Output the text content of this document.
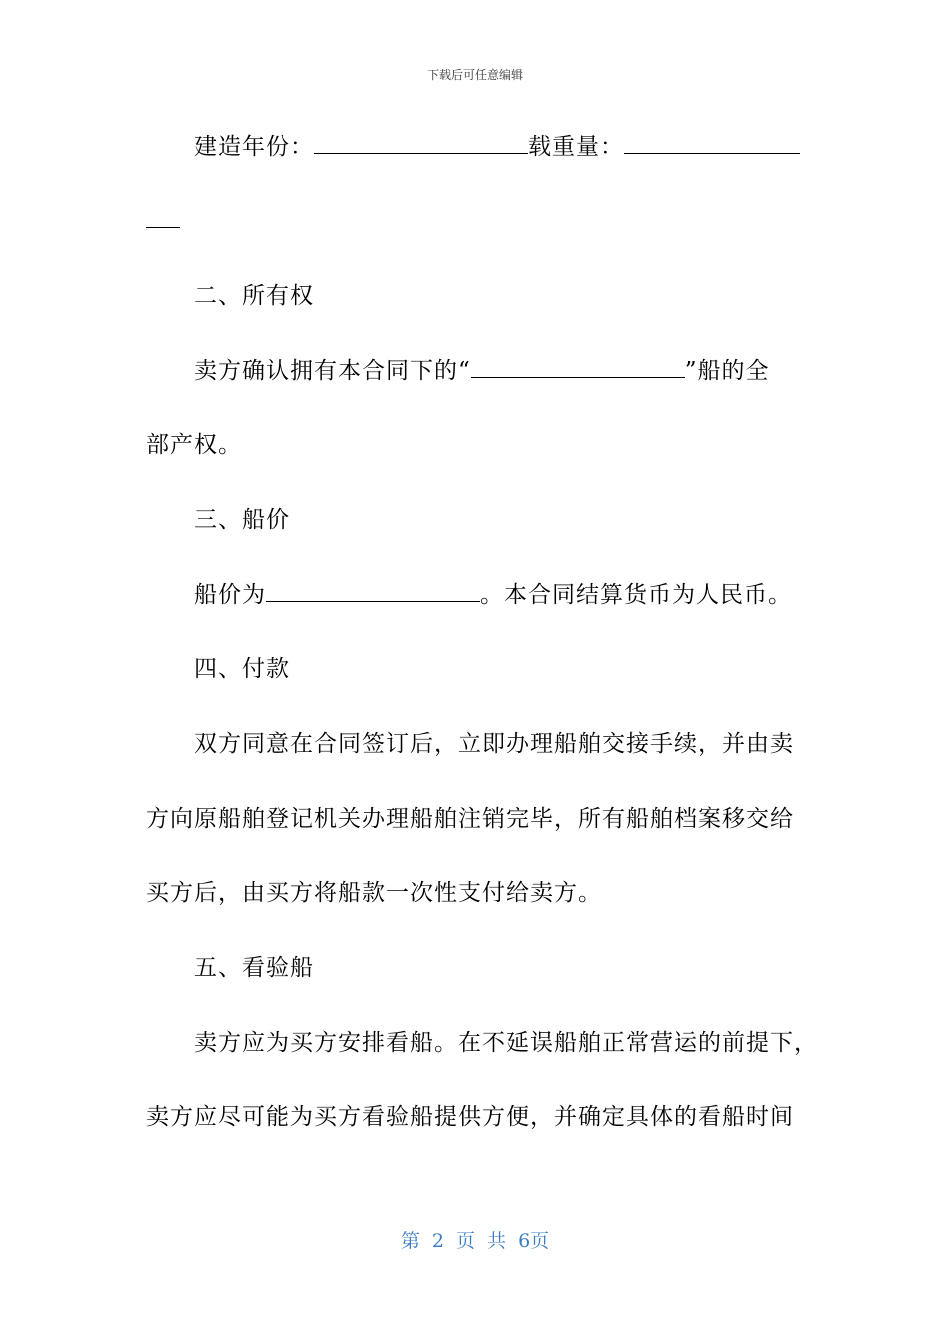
下载后可任意编辑
建造年份：	载重量：
二、所有权
卖方确认拥有本合同下的“	”船的全
部产权。
三、船价
船价为	。本合同结算货币为人民币。
四、付款
双方同意在合同签订后，立即办理船舶交接手续，并由卖
方向原船舶登记机关办理船舶注销完毕，所有船舶档案移交给
买方后，由买方将船款一次性支付给卖方。
五、看验船
卖方应为买方安排看船。在不延误船舶正常营运的前提下，
卖方应尽可能为买方看验船提供方便，并确定具体的看船时间
第 2 页 共 6页
